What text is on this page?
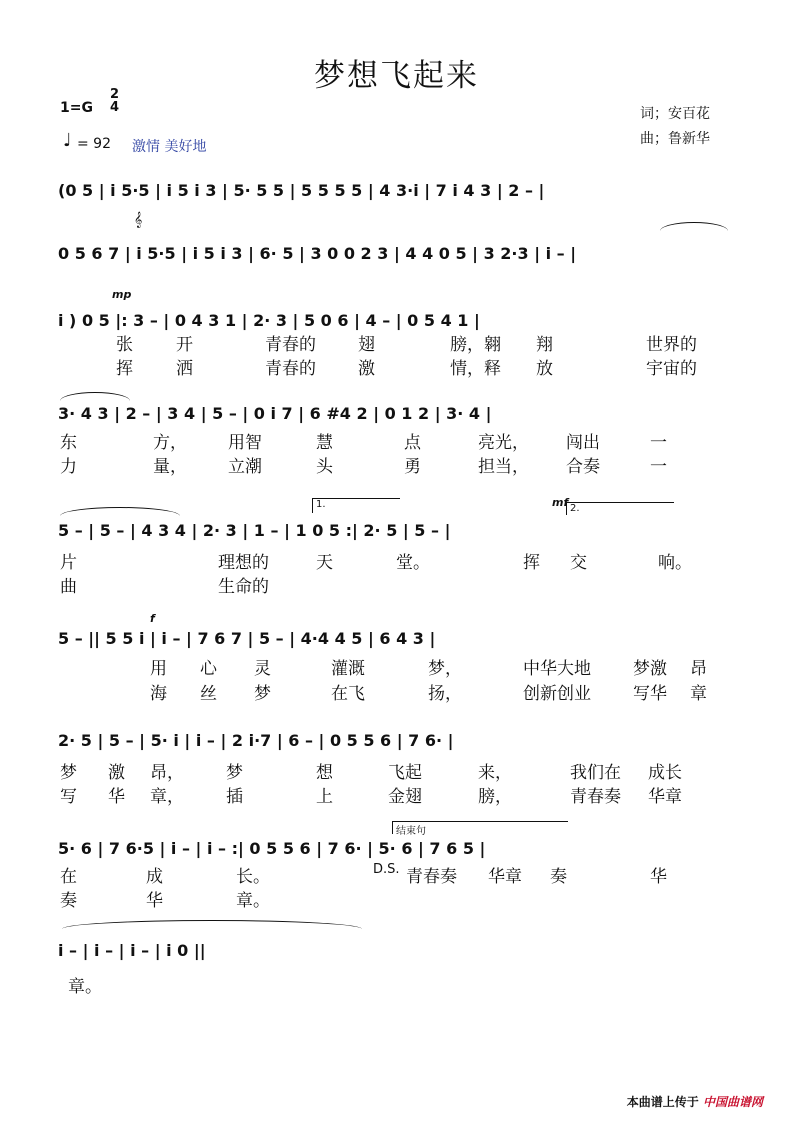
梦想飞起来
1=G
2
4	词；安百花
曲；鲁新华
♩ = 92 激情 美好地
(0 5 | i 5·5 | i 5 i 3 | 5· 5 5 | 5 5 5 5 | 4 3·i | 7 i 4 3 | 2 – |
𝄞
0 5 6 7 | i 5·5 | i 5 i 3 | 6· 5 | 3 0 0 2 3 | 4 4 0 5 | 3 2·3 | i – |
mp
i ) 0 5 |: 3 – | 0 4 3 1 | 2· 3 | 5 0 6 | 4 – | 0 5 4 1 |
张	开	青春的 翅	膀，翱 翔	世界的
挥	洒	青春的 激	情，释 放	宇宙的
3· 4 3 | 2 – | 3 4 | 5 – | 0 i 7 | 6 #4 2 | 0 1 2 | 3· 4 |
东	方， 用智	慧	点	亮光， 闯出	一
力	量， 立潮	头	勇	担当， 合奏	一
1.	mf 2.
5 – | 5 – | 4 3 4 | 2· 3 | 1 – | 1 0 5 :| 2· 5 | 5 – |
片	理想的	天	堂。	挥 交	响。
曲	生命的
f
5 – || 5 5 i | i – | 7 6 7 | 5 – | 4·4 4 5 | 6 4 3 |
用 心 灵	灌溉	梦，	中华大地 梦激 昂
海 丝 梦	在飞	扬，	创新创业 写华 章
2· 5 | 5 – | 5· i | i – | 2 i·7 | 6 – | 0 5 5 6 | 7 6· |
梦 激 昂， 梦	想	飞起	来，	我们在 成长
写 华 章， 插	上	金翅	膀，	青春奏 华章
结束句
5· 6 | 7 6·5 | i – | i – :| 0 5 5 6 | 7 6· | 5· 6 | 7 6 5 |
在	成	长。	D.S. 青春奏 华章 奏	华
奏	华	章。
i – | i – | i – | i 0 ||
章。
本曲谱上传于 中国曲谱网
